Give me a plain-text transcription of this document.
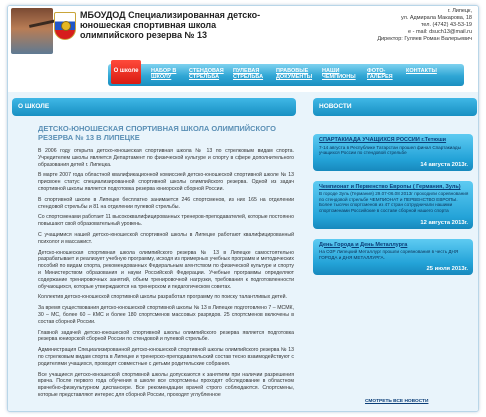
МБОУДОД Специализированная детско-юношеская спортивная школа олимпийского резерва № 13
г. Липецк,
ул. Адмирала Макарова, 18
тел. (4742) 43-53-19
e - mail: dsuch13@mail.ru
Директор: Гуляев Роман Валерьевич
О школе НАБОР В ШКОЛУ
СТЕНДОВАЯ СТРЕЛЬБА
ПУЛЕВАЯ СТРЕЛЬБА
ПРАВОВЫЕ ДОКУМЕНТЫ
НАШИ ЧЕМПИОНЫ
ФОТО-ГАЛЕРЕЯ
КОНТАКТЫ
О ШКОЛЕ	НОВОСТИ
ДЕТСКО-ЮНОШЕСКАЯ СПОРТИВНАЯ ШКОЛА ОЛИМПИЙСКОГО РЕЗЕРВА № 13 В ЛИПЕЦКЕ

В 2006 году открыта детско-юношеская спортивная школа № 13 по стрелковым видам спорта. Учредителем школы является Департамент по физической культуре и спорту в сфере дополнительного образования детей г. Липецка.

В марте 2007 года областной квалификационной комиссией детско-юношеской спортивной школе № 13 присвоен статус специализированной спортивной школы олимпийского резерва. Одной из задач спортивной школы является подготовка резерва юниорской сборной России.

В спортивной школе в Липецке бесплатно занимается 246 спортсменов, из них 165 на отделении стендовой стрельбы и 81 на отделении пулевой стрельбы.

Со спортсменами работает 11 высококвалифицированных тренеров-преподавателей, которые постоянно повышают свой образовательный уровень.

С учащимися нашей детско-юношеской спортивной школы в Липецке работают квалифицированный психолог и массажист.

Детско-юношеская спортивная школа олимпийского резерва № 13 в Липецке самостоятельно разрабатывает и реализует учебную программу, исходя из примерных учебных программ и методических пособий по видам спорта, рекомендованных Федеральным агентством по физической культуре и спорту и Министерством образования и науки Российской Федерации. Учебные программы определяют содержание тренировочных занятий, объем тренировочной нагрузки, требования к подготовленности обучающихся, которые утверждаются на тренерском и педагогическом советах.

Коллектив детско-юношеской спортивной школы разработал программу по поиску талантливых детей.

За время существования детско-юношеской спортивной школы № 13 в Липецке подготовлено 7 – МСМК, 30 – МС, более 60 – КМС и более 180 спортсменов массовых разрядов. 25 спортсменов включены в состав сборной России.

Главной задачей детско-юношеской спортивной школы олимпийского резерва является подготовка резерва юниорской сборной России по стендовой и пулевой стрельбе.

Администрация Специализированной детско-юношеской спортивной школы олимпийского резерва № 13 по стрелковым видам спорта в Липецке и тренерско-преподавательский состав тесно взаимодействуют с родителями учащихся, проводят совместные с детьми родительские собрания.

Все учащиеся детско-юношеской спортивной школы допускаются к занятиям при наличии разрешения врача. После первого года обучения в школе все спортсмены проходят обследование в областном врачебно-физкультурном диспансере. Все рекомендации врачей строго соблюдаются. Спортсмены, которые представляют интерес для сборной России, проходят углубленное

СПАРТАКИАДА УЧАЩИХСЯ РОССИИ г.Тетюши
7-14 августа в Республике Татарстан прошел финал Спартакиады учащихся России по стендовой стрельбе
14 августа 2013г.
Чемпионат и Первенство Европы ( Германия, Зуль)
В городе Зуль (Германия) 29.07-06.08 2013г проходили соревнования по стендовой стрельбе ЧЕМПИОНАТ и ПЕРВЕНСТВО ЕВРОПЫ. Более тысячи спортсменов из 47 стран сотрудничали нашими спортсменами Российские в составе сборной нашего спорта
12 августа 2013г.
День Города и День Металлурга
На ОЗР Липецкий Металлург прошли соревнования в честь ДНЯ ГОРОДА и ДНЯ МЕТАЛЛУРГА.
25 июля 2013г.
СМОТРЕТЬ ВСЕ НОВОСТИ
